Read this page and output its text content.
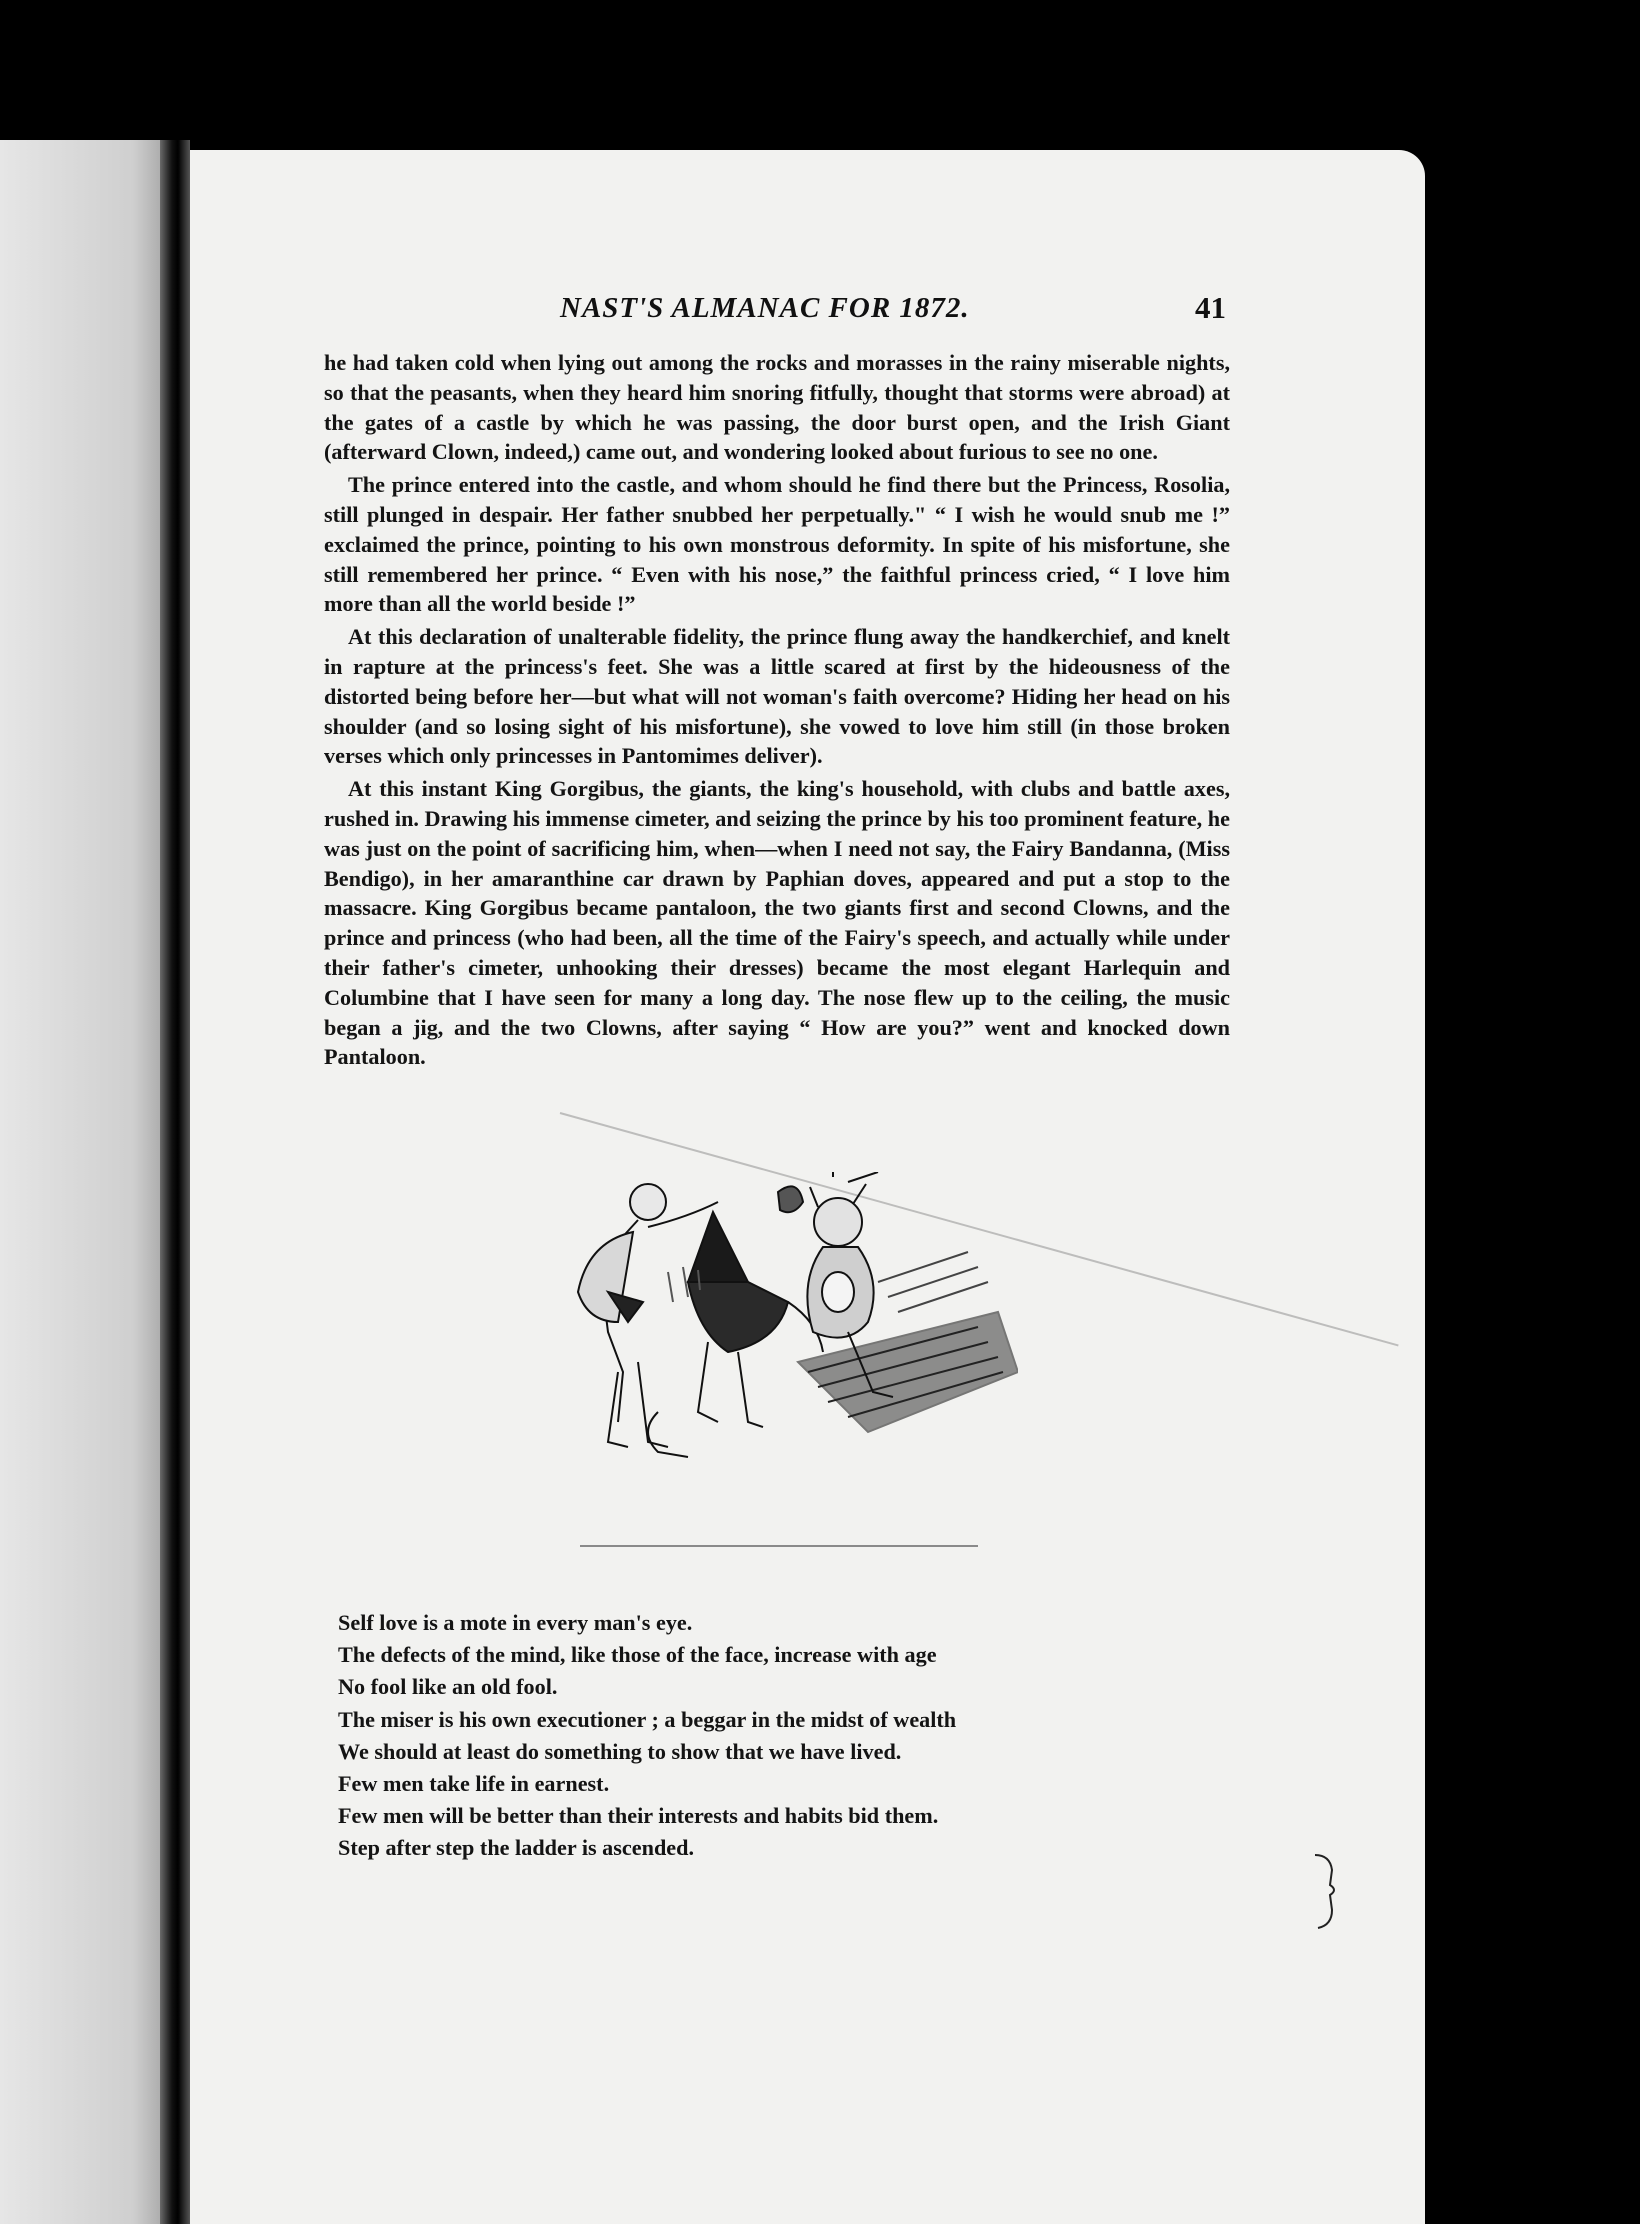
NAST'S ALMANAC FOR 1872.	41

he had taken cold when lying out among the rocks and morasses in the rainy miserable nights, so that the peasants, when they heard him snoring fitfully, thought that storms were abroad) at the gates of a castle by which he was passing, the door burst open, and the Irish Giant (afterward Clown, indeed,) came out, and wondering looked about furious to see no one.

The prince entered into the castle, and whom should he find there but the Princess, Rosolia, still plunged in despair. Her father snubbed her perpetually." “ I wish he would snub me !” exclaimed the prince, pointing to his own monstrous deformity. In spite of his misfortune, she still remembered her prince. “ Even with his nose,” the faithful princess cried, “ I love him more than all the world beside !”

At this declaration of unalterable fidelity, the prince flung away the handkerchief, and knelt in rapture at the princess's feet. She was a little scared at first by the hideousness of the distorted being before her—but what will not woman's faith overcome? Hiding her head on his shoulder (and so losing sight of his misfortune), she vowed to love him still (in those broken verses which only princesses in Pantomimes deliver).

At this instant King Gorgibus, the giants, the king's household, with clubs and battle axes, rushed in. Drawing his immense cimeter, and seizing the prince by his too prominent feature, he was just on the point of sacrificing him, when—when I need not say, the Fairy Bandanna, (Miss Bendigo), in her amaranthine car drawn by Paphian doves, appeared and put a stop to the massacre. King Gorgibus became pantaloon, the two giants first and second Clowns, and the prince and princess (who had been, all the time of the Fairy's speech, and actually while under their father's cimeter, unhooking their dresses) became the most elegant Harlequin and Columbine that I have seen for many a long day. The nose flew up to the ceiling, the music began a jig, and the two Clowns, after saying “ How are you?” went and knocked down Pantaloon.

Self love is a mote in every man's eye.
The defects of the mind, like those of the face, increase with age
No fool like an old fool.
The miser is his own executioner ; a beggar in the midst of wealth
We should at least do something to show that we have lived.
Few men take life in earnest.
Few men will be better than their interests and habits bid them.
Step after step the ladder is ascended.
